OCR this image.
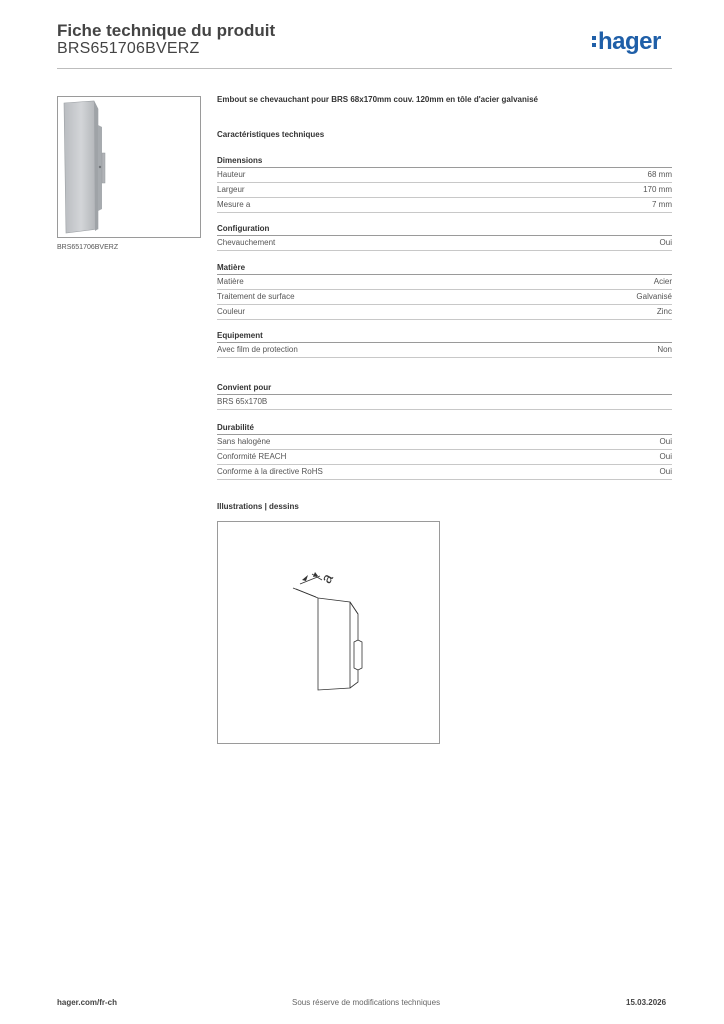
Fiche technique du produit
BRS651706BVERZ	hager
BRS651706BVERZ
Embout se chevauchant pour BRS 68x170mm couv. 120mm en tôle d'acier galvanisé
Caractéristiques techniques
Dimensions
Hauteur	68 mm
Largeur	170 mm
Mesure a	7 mm
Configuration
Chevauchement	Oui
Matière
Matière	Acier
Traitement de surface	Galvanisé
Couleur	Zinc
Equipement
Avec film de protection	Non
Convient pour
BRS 65x170B
Durabilité
Sans halogène	Oui
Conformité REACH	Oui
Conforme à la directive RoHS	Oui
Illustrations | dessins
a
hager.com/fr-ch	Sous réserve de modifications techniques	15.03.2026
